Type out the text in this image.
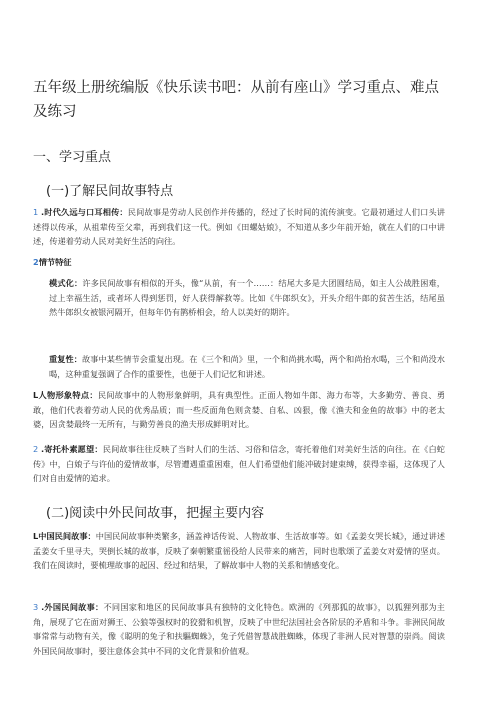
五年级上册统编版《快乐读书吧：从前有座山》学习重点、难点及练习
一、学习重点
(一)了解民间故事特点

1 .时代久远与口耳相传：民间故事是劳动人民创作并传播的，经过了长时间的流传演变。它最初通过人们口头讲述得以传承，从祖辈传至父辈，再到我们这一代。例如《田螺姑娘》，不知道从多少年前开始，就在人们的口中讲述，传递着劳动人民对美好生活的向往。

2情节特征

模式化：许多民间故事有相似的开头，像“从前，有一个……：结尾大多是大团圆结局，如主人公战胜困难，过上幸福生活，或者坏人得到惩罚，好人获得解救等。比如《牛郎织女》，开头介绍牛郎的贫苦生活，结尾虽然牛郎织女被银河隔开，但每年仍有鹊桥相会，给人以美好的期许。

重复性：故事中某些情节会重复出现。在《三个和尚》里，一个和尚挑水喝，两个和尚抬水喝，三个和尚没水喝，这种重复强调了合作的重要性，也便于人们记忆和讲述。

L人物形象特点：民间故事中的人物形象鲜明，具有典型性。正面人物如牛郎、海力布等，大多勤劳、善良、勇敢，他们代表着劳动人民的优秀品质；而一些反面角色则贪婪、自私、凶狠，像《渔夫和金鱼的故事》中的老太婆，因贪婪最终一无所有，与勤劳善良的渔夫形成鲜明对比。

2 .寄托朴素愿望：民间故事往往反映了当时人们的生活、习俗和信念，寄托着他们对美好生活的向往。在《白蛇传》中，白娘子与许仙的爱情故事，尽管遭遇重重困难，但人们希望他们能冲破封建束缚，获得幸福，这体现了人们对自由爱情的追求。

(二)阅读中外民间故事，把握主要内容

L中国民间故事：中国民间故事种类繁多，涵盖神话传说、人物故事、生活故事等。如《孟姜女哭长城》，通过讲述孟姜女千里寻夫，哭倒长城的故事，反映了秦朝繁重徭役给人民带来的痛苦，同时也歌颂了孟姜女对爱情的坚贞。我们在阅读时，要梳理故事的起因、经过和结果，了解故事中人物的关系和情感变化。

3 .外国民间故事：不同国家和地区的民间故事具有独特的文化特色。欧洲的《列那狐的故事》，以狐狸列那为主角，展现了它在面对狮王、公狼等强权时的狡猾和机智，反映了中世纪法国社会各阶层的矛盾和斗争。非洲民间故事常常与动物有关，像《聪明的兔子和扶驅蜘蛛》，兔子凭借智慧战胜蜘蛛，体现了非洲人民对智慧的崇尚。阅读外国民间故事时，要注意体会其中不同的文化背景和价值观。
